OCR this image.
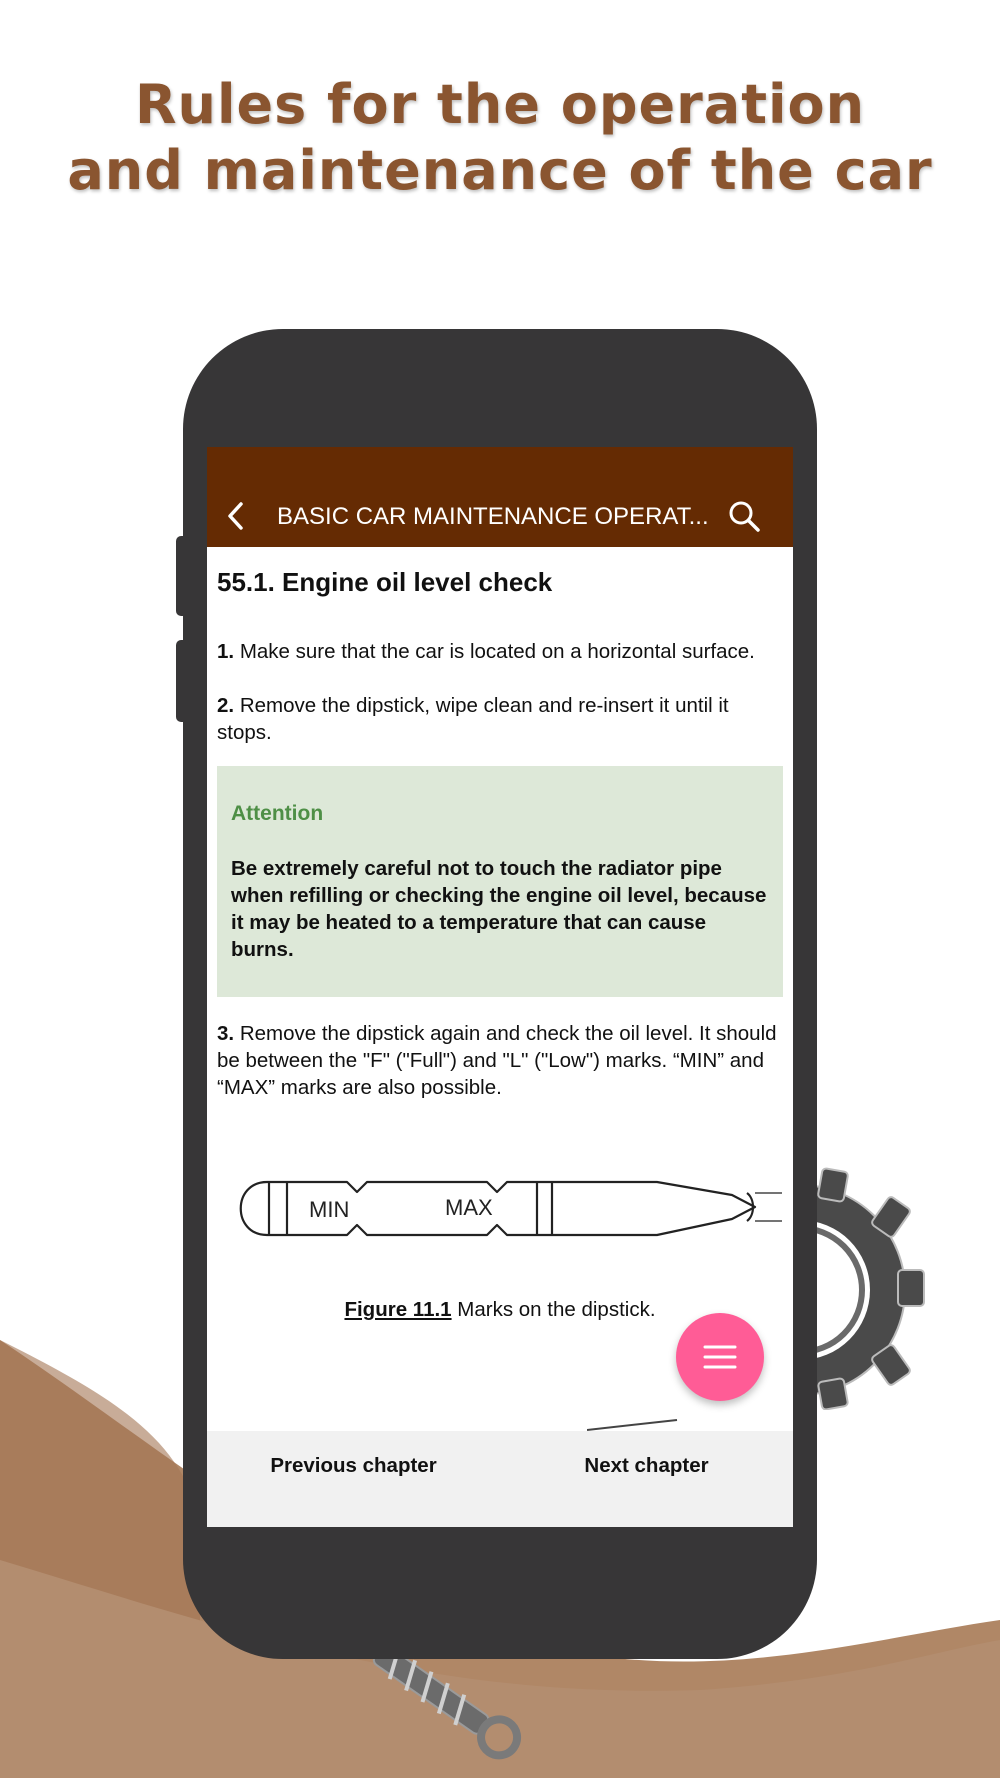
Rules for the operation
and maintenance of the car
BASIC CAR MAINTENANCE OPERAT...
55.1. Engine oil level check
1. Make sure that the car is located on a horizontal surface.
2. Remove the dipstick, wipe clean and re-insert it until it stops.
Attention
Be extremely careful not to touch the radiator pipe when refilling or checking the engine oil level, because it may be heated to a temperature that can cause burns.
3. Remove the dipstick again and check the oil level. It should be between the "F" ("Full") and "L" ("Low") marks. “MIN” and “MAX” marks are also possible.
MIN	MAX
Figure 11.1 Marks on the dipstick.
Previous chapter	Next chapter
